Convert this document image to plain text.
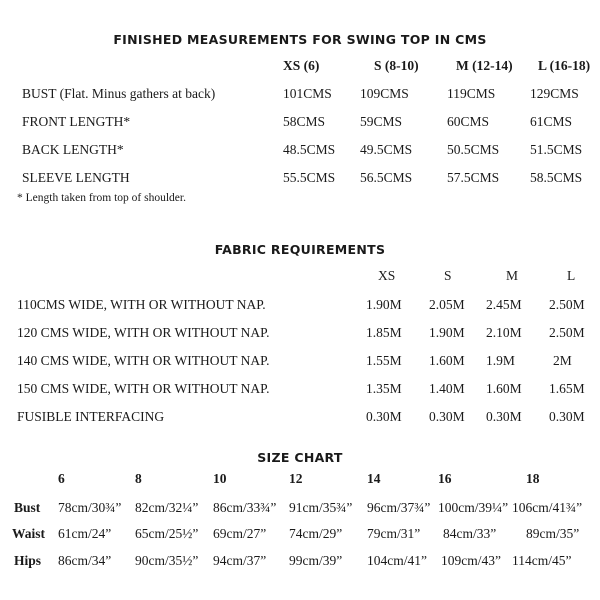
FINISHED MEASUREMENTS FOR SWING TOP IN CMS
XS (6)	S (8-10)	M (12-14) L (16-18)
BUST (Flat. Minus gathers at back)	101CMS 109CMS	119CMS	129CMS
FRONT LENGTH*	58CMS	59CMS	60CMS	61CMS
BACK LENGTH*	48.5CMS 49.5CMS	50.5CMS 51.5CMS
SLEEVE LENGTH	55.5CMS 56.5CMS	57.5CMS 58.5CMS
* Length taken from top of shoulder.
FABRIC REQUIREMENTS
XS	S	M	L
110CMS WIDE, WITH OR WITHOUT NAP.	1.90M 2.05M 2.45M 2.50M
120 CMS WIDE, WITH OR WITHOUT NAP.	1.85M 1.90M 2.10M 2.50M
140 CMS WIDE, WITH OR WITHOUT NAP.	1.55M 1.60M 1.9M	2M
150 CMS WIDE, WITH OR WITHOUT NAP.	1.35M 1.40M 1.60M 1.65M
FUSIBLE INTERFACING	0.30M 0.30M 0.30M 0.30M
SIZE CHART
6	8	10	12	14	16	18
Bust 78cm/30¾” 82cm/32¼” 86cm/33¾” 91cm/35¾” 96cm/37¾” 100cm/39¼” 106cm/41¾”
Waist 61cm/24” 65cm/25½” 69cm/27” 74cm/29” 79cm/31” 84cm/33” 89cm/35”
Hips 86cm/34” 90cm/35½” 94cm/37” 99cm/39” 104cm/41” 109cm/43” 114cm/45”
